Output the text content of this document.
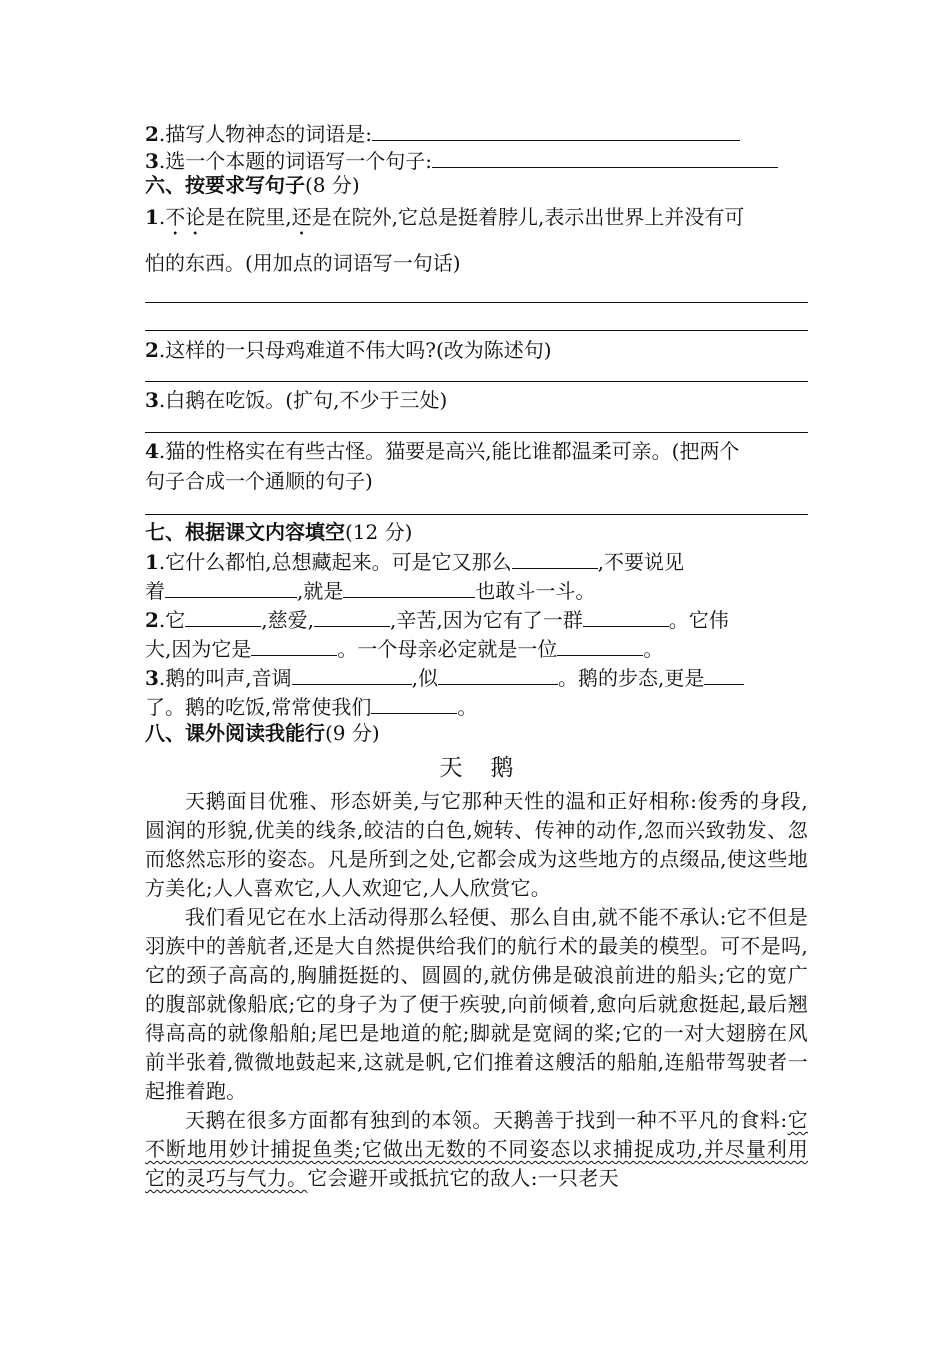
2.描写人物神态的词语是:
3.选一个本题的词语写一个句子:
六、按要求写句子(8 分)
1.不论是在院里,还是在院外,它总是挺着脖儿,表示出世界上并没有可
怕的东西。(用加点的词语写一句话)
2.这样的一只母鸡难道不伟大吗?(改为陈述句)
3.白鹅在吃饭。(扩句,不少于三处)
4.猫的性格实在有些古怪。猫要是高兴,能比谁都温柔可亲。(把两个
句子合成一个通顺的句子)
七、根据课文内容填空(12 分)
1.它什么都怕,总想藏起来。可是它又那么	,不要说见
着	,就是	也敢斗一斗。
2.它	,慈爱,	,辛苦,因为它有了一群	。它伟
大,因为它是	。一个母亲必定就是一位	。
3.鹅的叫声,音调	,似	。鹅的步态,更是
了。鹅的吃饭,常常使我们	。
八、课外阅读我能行(9 分)
天鹅
天鹅面目优雅、形态妍美,与它那种天性的温和正好相称:俊秀的身段,圆润的形貌,优美的线条,皎洁的白色,婉转、传神的动作,忽而兴致勃发、忽而悠然忘形的姿态。凡是所到之处,它都会成为这些地方的点缀品,使这些地方美化;人人喜欢它,人人欢迎它,人人欣赏它。
我们看见它在水上活动得那么轻便、那么自由,就不能不承认:它不但是羽族中的善航者,还是大自然提供给我们的航行术的最美的模型。可不是吗,它的颈子高高的,胸脯挺挺的、圆圆的,就仿佛是破浪前进的船头;它的宽广的腹部就像船底;它的身子为了便于疾驶,向前倾着,愈向后就愈挺起,最后翘得高高的就像船舶;尾巴是地道的舵;脚就是宽阔的桨;它的一对大翅膀在风前半张着,微微地鼓起来,这就是帆,它们推着这艘活的船舶,连船带驾驶者一起推着跑。
天鹅在很多方面都有独到的本领。天鹅善于找到一种不平凡的食料:它不断地用妙计捕捉鱼类;它做出无数的不同姿态以求捕捉成功,并尽量利用它的灵巧与气力。它会避开或抵抗它的敌人:一只老天
